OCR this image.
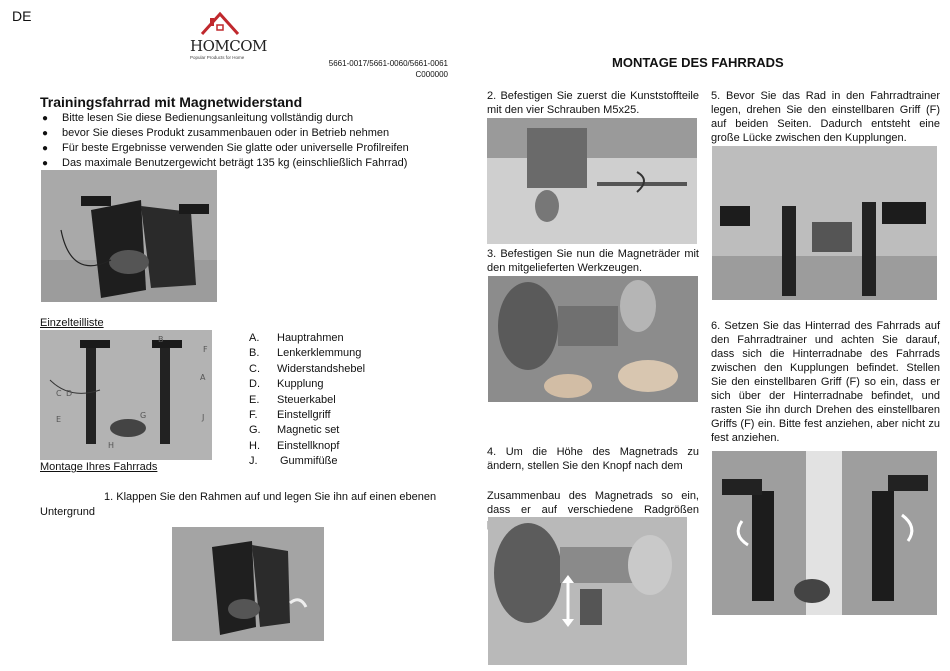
DE
HOMCOM
Popular Products for Home
5661-0017/5661-0060/5661-0061
C000000
MONTAGE DES FAHRRADS
Trainingsfahrrad mit Magnetwiderstand
●	Bitte lesen Sie diese Bedienungsanleitung vollständig durch
●	bevor Sie dieses Produkt zusammenbauen oder in Betrieb nehmen
●	Für beste Ergebnisse verwenden Sie glatte oder universelle Profilreifen
●	Das maximale Benutzergewicht beträgt 135 kg (einschließlich Fahrrad)
Einzelteilliste
A
B
C D
E
F
G
H
J
A.	Hauptrahmen
B.	Lenkerklemmung
C.	Widerstandshebel
D.	Kupplung
E.	Steuerkabel
F.	Einstellgriff
G.	Magnetic set
H.	Einstellknopf
J.	Gummifüße
Montage Ihres Fahrrads
1. Klappen Sie den Rahmen auf und legen Sie ihn auf einen ebenen
Untergrund
2. Befestigen Sie zuerst die Kunststoffteile mit den vier Schrauben M5x25.
3. Befestigen Sie nun die Magneträder mit den mitgelieferten Werkzeugen.
4. Um die Höhe des Magnetrads zu ändern, stellen Sie den Knopf nach dem
Zusammenbau des Magnetrads so ein, dass er auf verschiedene Radgrößen
5. Bevor Sie das Rad in den Fahrradtrainer legen, drehen Sie den einstellbaren Griff (F) auf beiden Seiten. Dadurch entsteht eine große Lücke zwischen den Kupplungen.
6. Setzen Sie das Hinterrad des Fahrrads auf den Fahrradtrainer und achten Sie darauf, dass sich die Hinterradnabe des Fahrrads zwischen den Kupplungen befindet. Stellen Sie den einstellbaren Griff (F) so ein, dass er sich über der Hinterradnabe befindet, und rasten Sie ihn durch Drehen des einstellbaren Griffs (F) ein. Bitte fest anziehen, aber nicht zu fest anziehen.
